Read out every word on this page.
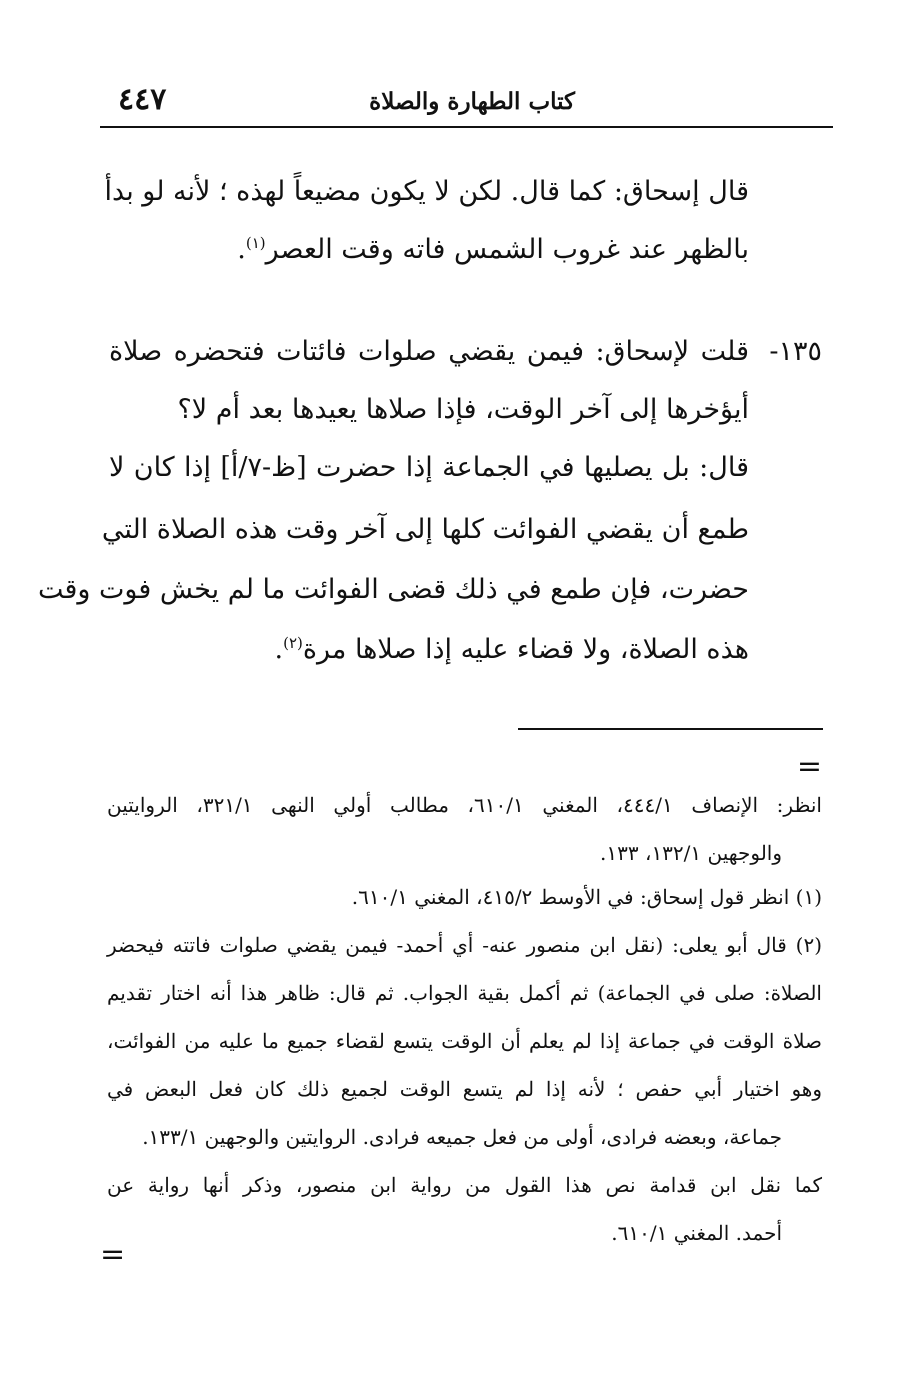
٤٤٧	كتاب الطهارة والصلاة
قال إسحاق: كما قال. لكن لا يكون مضيعاً لهذه ؛ لأنه لو بدأ
بالظهر عند غروب الشمس فاته وقت العصر$^{(١)}$.
١٣٥-
قلت لإسحاق: فيمن يقضي صلوات فائتات فتحضره صلاة
أيؤخرها إلى آخر الوقت، فإذا صلاها يعيدها بعد أم لا؟
قال: بل يصليها في الجماعة إذا حضرت [ظ-٧/أ] إذا كان لا
طمع أن يقضي الفوائت كلها إلى آخر وقت هذه الصلاة التي
حضرت، فإن طمع في ذلك قضى الفوائت ما لم يخش فوت وقت
هذه الصلاة، ولا قضاء عليه إذا صلاها مرة$^{(٢)}$.
=
انظر: الإنصاف ٤٤٤/١، المغني ٦١٠/١، مطالب أولي النهى ٣٢١/١، الروايتين
والوجهين ١٣٢/١، ١٣٣.
(١) انظر قول إسحاق: في الأوسط ٤١٥/٢، المغني ٦١٠/١.
(٢) قال أبو يعلى: (نقل ابن منصور عنه- أي أحمد- فيمن يقضي صلوات فاتته فيحضر
الصلاة: صلى في الجماعة) ثم أكمل بقية الجواب. ثم قال: ظاهر هذا أنه اختار تقديم
صلاة الوقت في جماعة إذا لم يعلم أن الوقت يتسع لقضاء جميع ما عليه من الفوائت،
وهو اختيار أبي حفص ؛ لأنه إذا لم يتسع الوقت لجميع ذلك كان فعل البعض في
جماعة، وبعضه فرادى، أولى من فعل جميعه فرادى. الروايتين والوجهين ١٣٣/١.
كما نقل ابن قدامة نص هذا القول من رواية ابن منصور، وذكر أنها رواية عن
أحمد. المغني ٦١٠/١.
=
